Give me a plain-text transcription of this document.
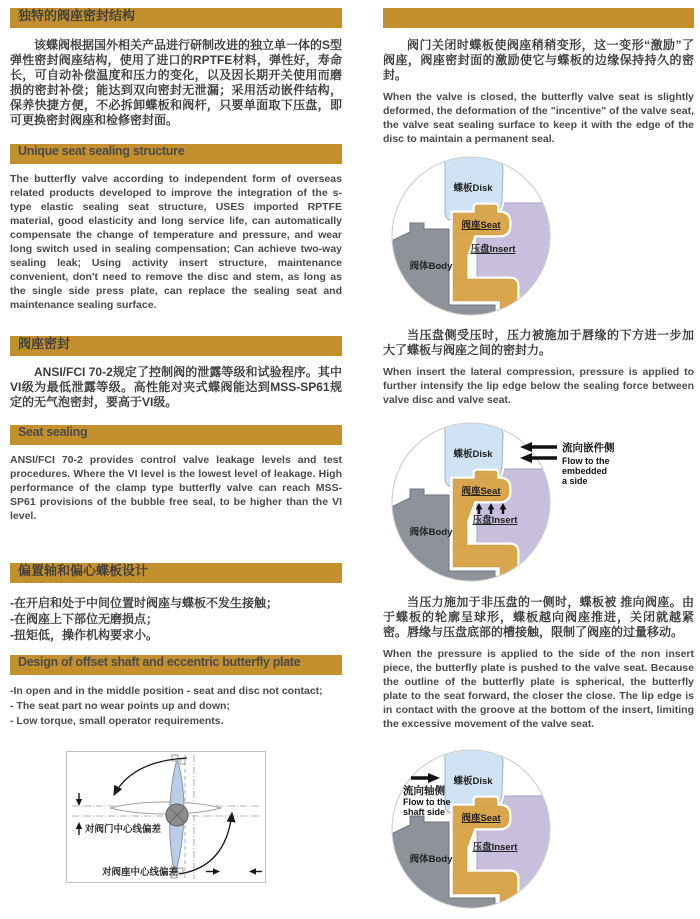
独特的阀座密封结构

该蝶阀根据国外相关产品进行研制改进的独立单一体的S型弹性密封阀座结构，使用了进口的RPTFE材料，弹性好，寿命长，可自动补偿温度和压力的变化，以及因长期开关使用而磨损的密封补偿；能达到双向密封无泄漏；采用活动嵌件结构，保养快捷方便，不必拆卸蝶板和阀杆，只要单面取下压盘，即可更换密封阀座和检修密封面。

Unique seat sealing structure

The butterfly valve according to independent form of overseas related products developed to improve the integration of the s-type elastic sealing seat structure, USES imported RPTFE material, good elasticity and long service life, can automatically compensate the change of temperature and pressure, and wear long switch used in sealing compensation; Can achieve two-way sealing leak; Using activity insert structure, maintenance convenient, don't need to remove the disc and stem, as long as the single side press plate, can replace the sealing seat and maintenance sealing surface.

阀座密封

ANSI/FCI 70-2规定了控制阀的泄露等级和试验程序。其中VI级为最低泄露等级。高性能对夹式蝶阀能达到MSS-SP61规定的无气泡密封，要高于VI级。

Seat sealing

ANSI/FCI 70-2 provides control valve leakage levels and test procedures. Where the VI level is the lowest level of leakage. High performance of the clamp type butterfly valve can reach MSS-SP61 provisions of the bubble free seal, to be higher than the VI level.

偏置轴和偏心蝶板设计

-在开启和处于中间位置时阀座与蝶板不发生接触；

-在阀座上下部位无磨损点；

-扭矩低，操作机构要求小。

Design of offset shaft and eccentric butterfly plate

-In open and in the middle position - seat and disc not contact;

- The seat part no wear points up and down;

- Low torque, small operator requirements.

对阀门中心线偏差
对阀座中心线偏差

阀门关闭时蝶板使阀座稍稍变形，这一变形“激励”了阀座，阀座密封面的激励使它与蝶板的边缘保持持久的密封。

When the valve is closed, the butterfly valve seat is slightly deformed, the deformation of the "incentive" of the valve seat, the valve seat sealing surface to keep it with the edge of the disc to maintain a permanent seal.

蝶板Disk
阀座Seat
压盘Insert
阀体Body

当压盘侧受压时，压力被施加于唇缘的下方进一步加大了蝶板与阀座之间的密封力。

When insert the lateral compression, pressure is applied to further intensify the lip edge below the sealing force between valve disc and valve seat.

蝶板Disk
阀座Seat
压盘Insert
阀体Body
流向嵌件侧
Flow to the
embedded
a side

当压力施加于非压盘的一侧时，蝶板被 推向阀座。由于蝶板的轮廓呈球形，蝶板越向阀座推进，关闭就越紧密。唇缘与压盘底部的槽接触，限制了阀座的过量移动。

When the pressure is applied to the side of the non insert piece, the butterfly plate is pushed to the valve seat. Because the outline of the butterfly plate is spherical, the butterfly plate to the seat forward, the closer the close. The lip edge is in contact with the groove at the bottom of the insert, limiting the excessive movement of the valve seat.

蝶板Disk
阀座Seat
压盘Insert
阀体Body
流向轴侧
Flow to the
shaft side
